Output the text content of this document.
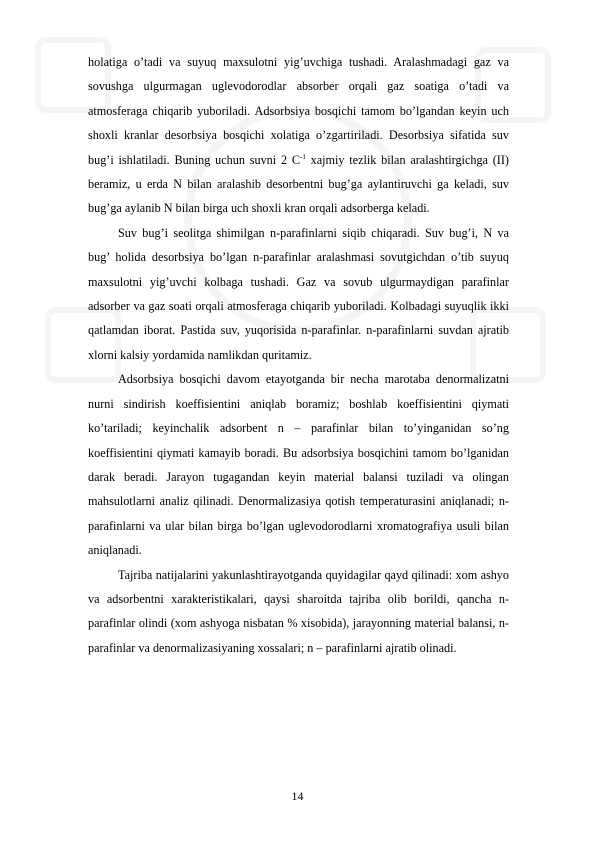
holatiga o’tadi va suyuq maxsulotni yig’uvchiga tushadi. Aralashmadagi gaz va sovushga ulgurmagan uglevodorodlar absorber orqali gaz soatiga o’tadi va atmosferaga chiqarib yuboriladi. Adsorbsiya bosqichi tamom bo’lgandan keyin uch shoxli kranlar desorbsiya bosqichi xolatiga o’zgartiriladi. Desorbsiya sifatida suv bug’i ishlatiladi. Buning uchun suvni 2 $C^{-1}$ xajmiy tezlik bilan aralashtirgichga (II) beramiz, u erda N bilan aralashib desorbentni bug’ga aylantiruvchi ga keladi, suv bug’ga aylanib N bilan birga uch shoxli kran orqali adsorberga keladi.

Suv bug’i seolitga shimilgan n-parafinlarni siqib chiqaradi. Suv bug’i, N va bug’ holida desorbsiya bo’lgan n-parafinlar aralashmasi sovutgichdan o’tib suyuq maxsulotni yig’uvchi kolbaga tushadi. Gaz va sovub ulgurmaydigan parafinlar adsorber va gaz soati orqali atmosferaga chiqarib yuboriladi. Kolbadagi suyuqlik ikki qatlamdan iborat. Pastida suv, yuqorisida n-parafinlar. n-parafinlarni suvdan ajratib xlorni kalsiy yordamida namlikdan quritamiz.

Adsorbsiya bosqichi davom etayotganda bir necha marotaba denormalizatni nurni sindirish koeffisientini aniqlab boramiz; boshlab koeffisientini qiymati ko’tariladi; keyinchalik adsorbent n – parafinlar bilan to’yinganidan so’ng koeffisientini qiymati kamayib boradi. Bu adsorbsiya bosqichini tamom bo’lganidan darak beradi. Jarayon tugagandan keyin material balansi tuziladi va olingan mahsulotlarni analiz qilinadi. Denormalizasiya qotish temperaturasini aniqlanadi; n-parafinlarni va ular bilan birga bo’lgan uglevodorodlarni xromatografiya usuli bilan aniqlanadi.

Tajriba natijalarini yakunlashtirayotganda quyidagilar qayd qilinadi: xom ashyo va adsorbentni xarakteristikalari, qaysi sharoitda tajriba olib borildi, qancha n-parafinlar olindi (xom ashyoga nisbatan % xisobida), jarayonning material balansi, n-parafinlar va denormalizasiyaning xossalari; n – parafinlarni ajratib olinadi.

14
